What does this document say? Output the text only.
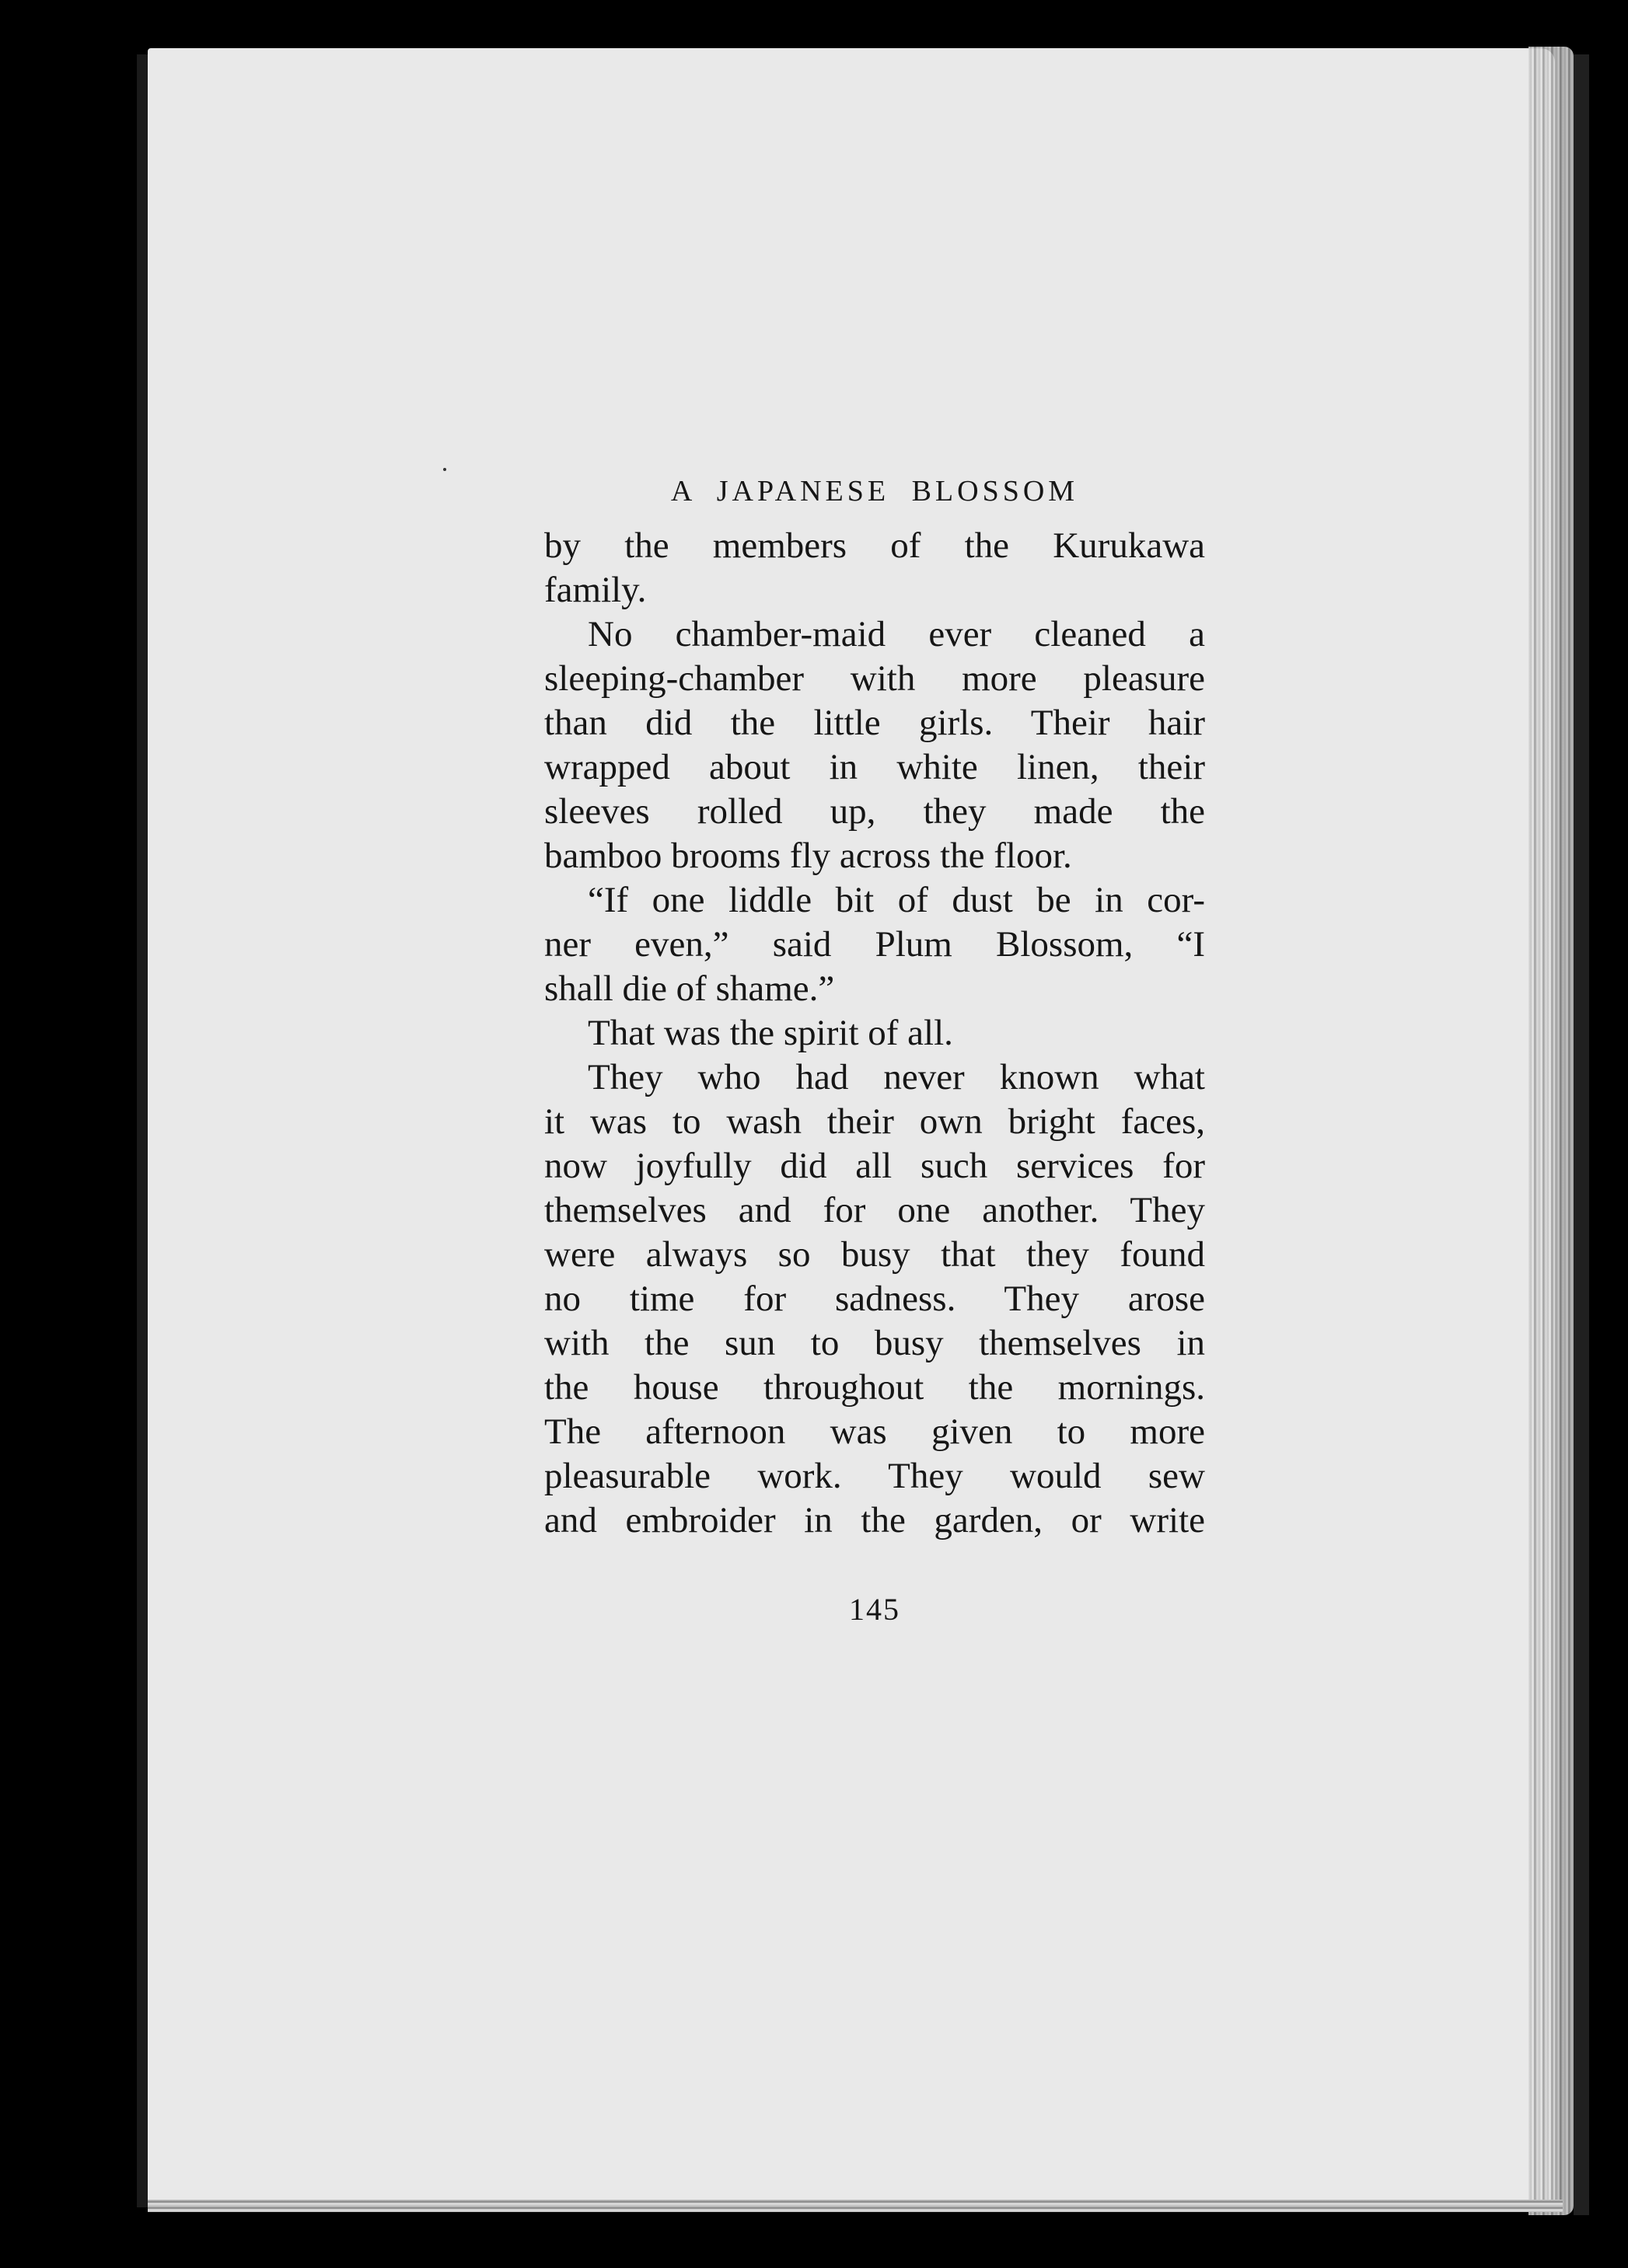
A JAPANESE BLOSSOM
by the members of the Kurukawa
family.
No chamber-maid ever cleaned a
sleeping-chamber with more pleasure
than did the little girls. Their hair
wrapped about in white linen, their
sleeves rolled up, they made the
bamboo brooms fly across the floor.
“If one liddle bit of dust be in cor-
ner even,” said Plum Blossom, “I
shall die of shame.”
That was the spirit of all.
They who had never known what
it was to wash their own bright faces,
now joyfully did all such services for
themselves and for one another. They
were always so busy that they found
no time for sadness. They arose
with the sun to busy themselves in
the house throughout the mornings.
The afternoon was given to more
pleasurable work. They would sew
and embroider in the garden, or write
145
